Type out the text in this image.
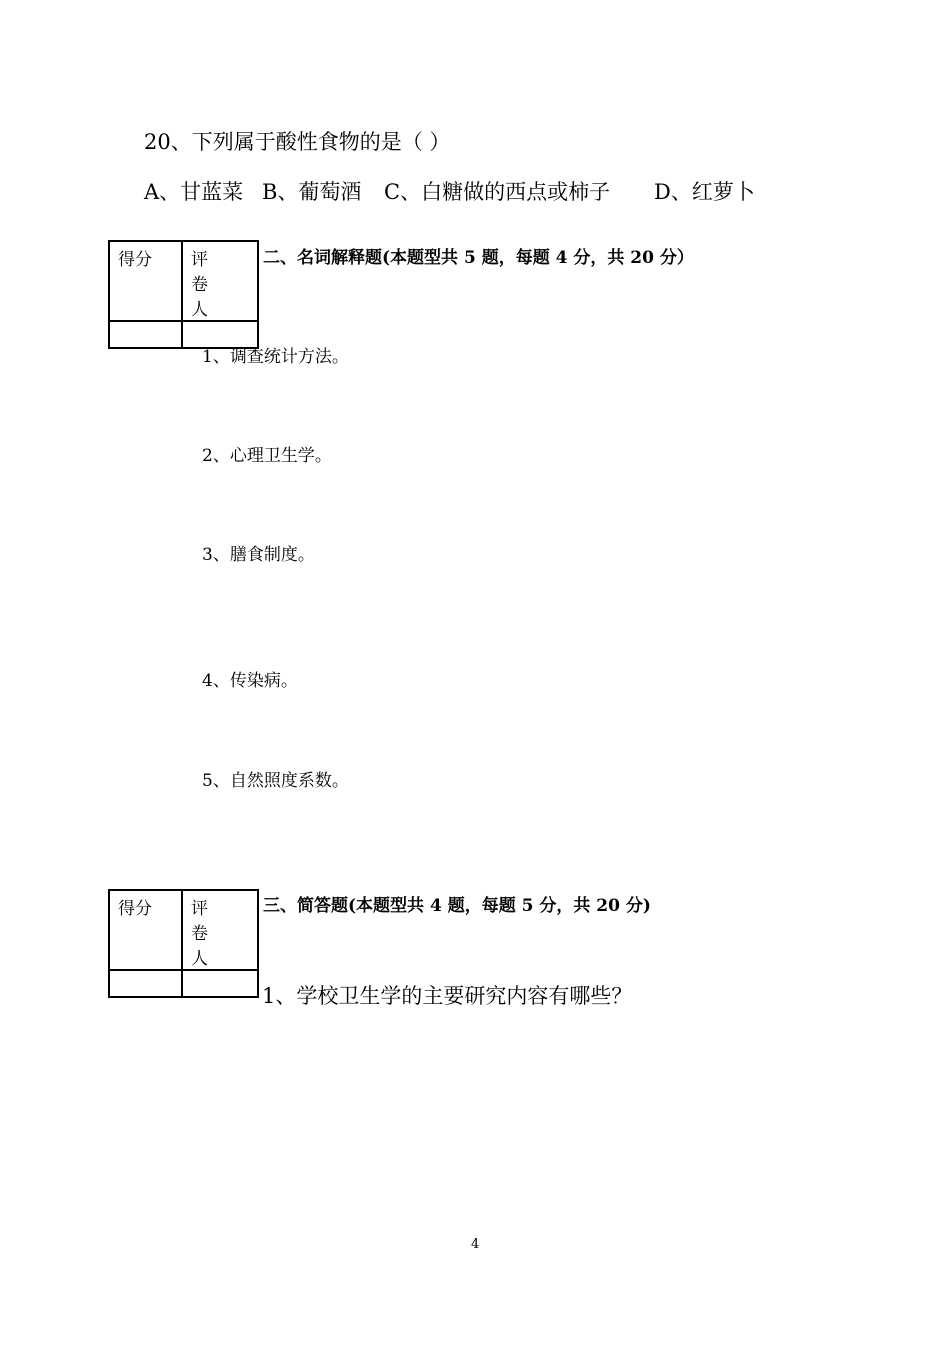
20、下列属于酸性食物的是（ ）
A、甘蓝菜 B、葡萄酒 C、白糖做的西点或柿子 D、红萝卜
得分	评 卷
人

二、名词解释题(本题型共 5 题，每题 4 分，共 20 分）
1、调查统计方法。
2、心理卫生学。
3、膳食制度。
4、传染病。
5、自然照度系数。
得分	评 卷
人

三、简答题(本题型共 4 题，每题 5 分，共 20 分)
1、学校卫生学的主要研究内容有哪些？
4
